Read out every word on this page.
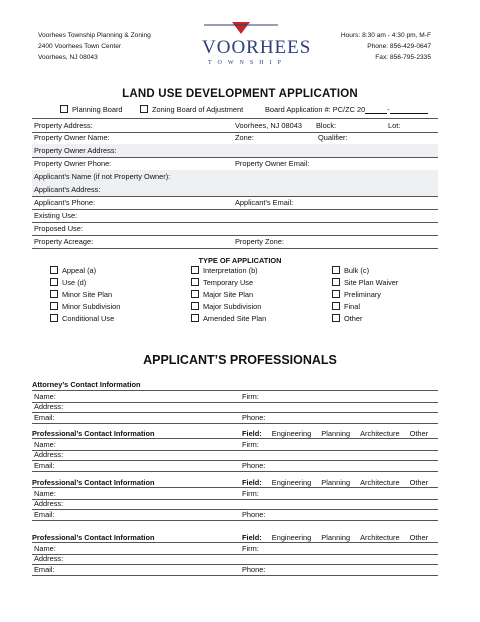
Voorhees Township Planning & Zoning
2400 Voorhees Town Center
Voorhees, NJ 08043
Hours: 8:30 am - 4:30 pm, M-F
Phone: 856-429-0647
Fax: 856-795-2335
VOORHEES
TOWNSHIP
LAND USE DEVELOPMENT APPLICATION
Planning Board	Zoning Board of Adjustment	Board Application #: PC/ZC 20	-
Property Address:	Voorhees, NJ 08043 Block:	Lot:
Property Owner Name:	Zone:	Qualifier:
Property Owner Address:
Property Owner Phone:	Property Owner Email:
Applicant’s Name (if not Property Owner):
Applicant’s Address:
Applicant’s Phone:	Applicant’s Email:
Existing Use:
Proposed Use:
Property Acreage:	Property Zone:
TYPE OF APPLICATION
Appeal (a)
Use (d)
Minor Site Plan
Minor Subdivision
Conditional Use
Interpretation (b)
Temporary Use
Major Site Plan
Major Subdivision
Amended Site Plan
Bulk (c)
Site Plan Waiver
Preliminary
Final
Other
APPLICANT’S PROFESSIONALS
Attorney’s Contact Information
Name:	Firm:
Address:
Email:	Phone:
Professional’s Contact Information	Field: Engineering Planning Architecture Other
Name:	Firm:
Address:
Email:	Phone:
Professional’s Contact Information	Field: Engineering Planning Architecture Other
Name:	Firm:
Address:
Email:	Phone:
Professional’s Contact Information	Field: Engineering Planning Architecture Other
Name:	Firm:
Address:
Email:	Phone:
